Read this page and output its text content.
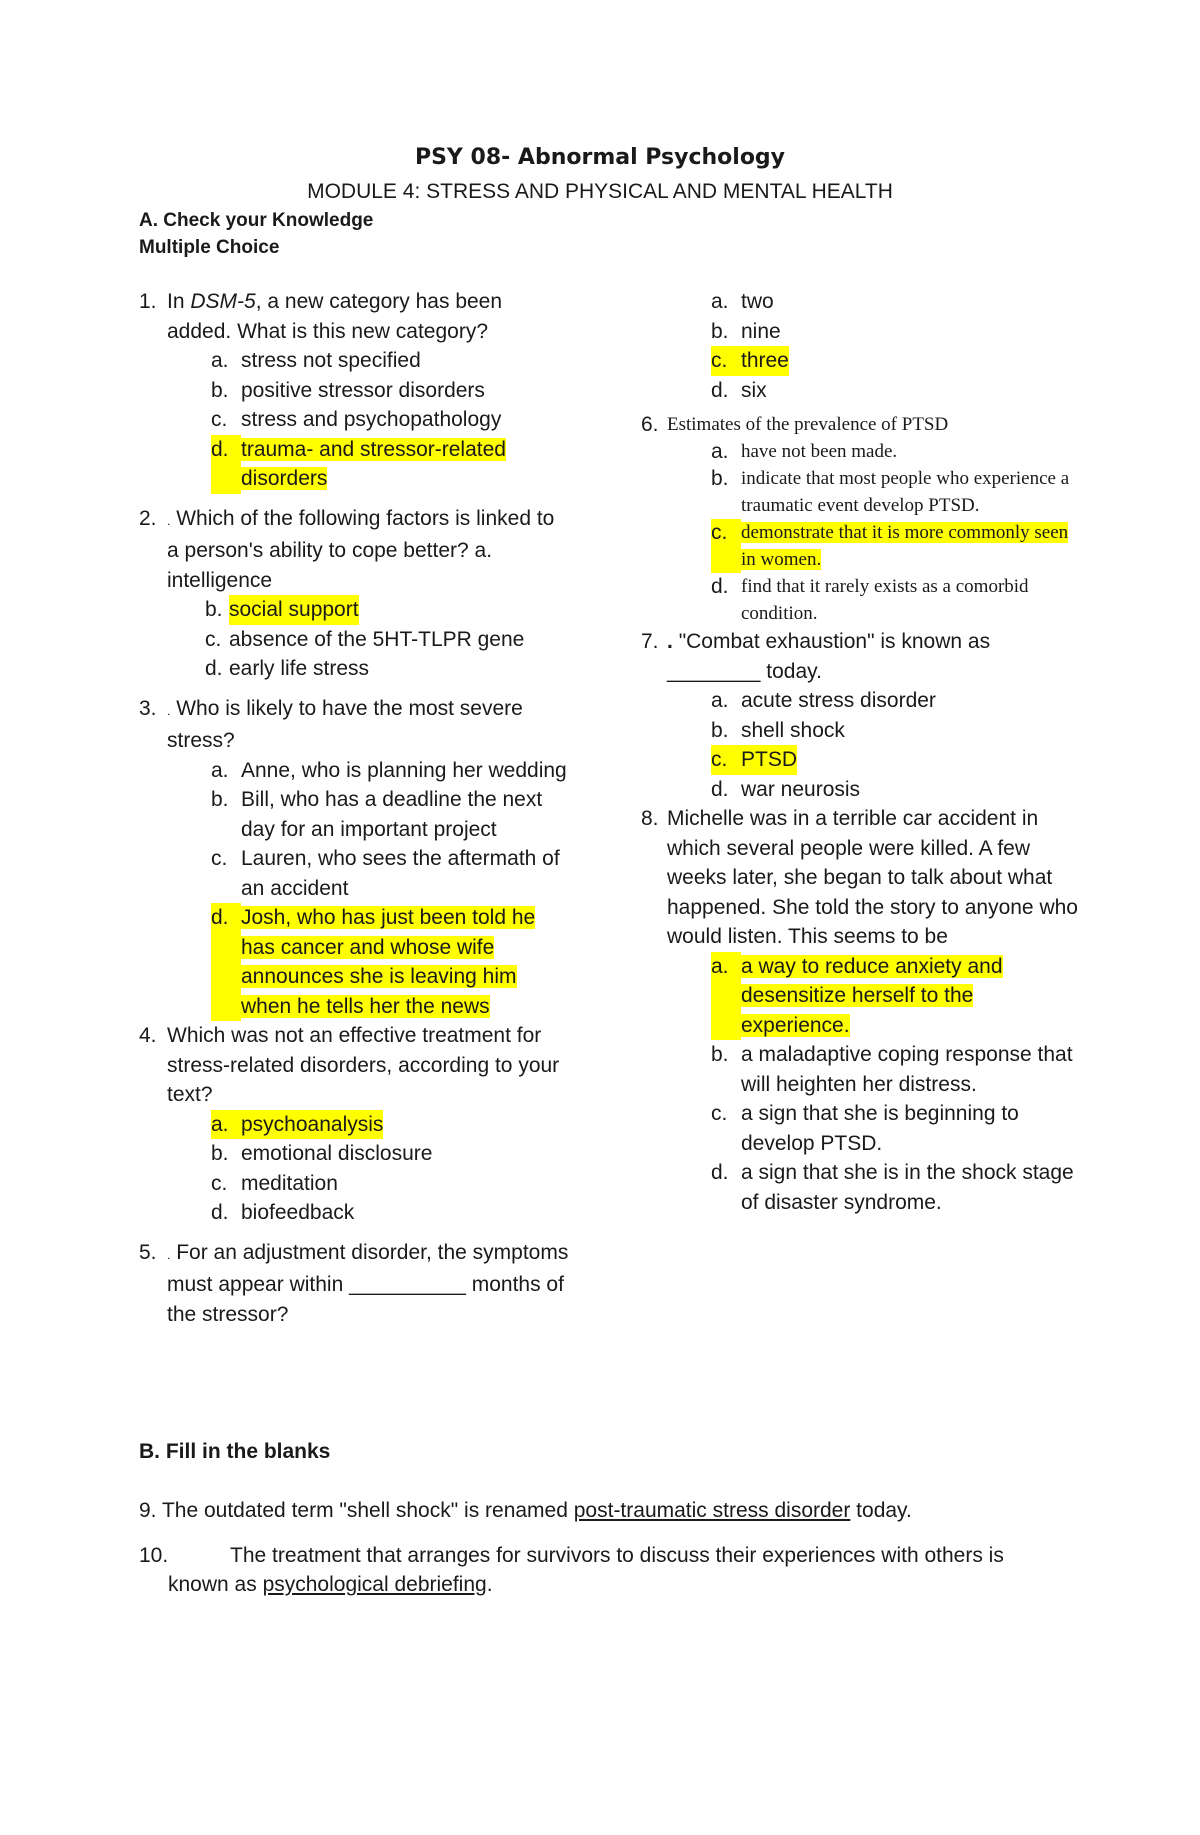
PSY 08- Abnormal Psychology
MODULE 4: STRESS AND PHYSICAL AND MENTAL HEALTH
A. Check your Knowledge
Multiple Choice
1. In DSM-5, a new category has been added. What is this new category?
a. stress not specified
b. positive stressor disorders
c. stress and psychopathology
d. trauma- and stressor-related disorders
2. . Which of the following factors is linked to a person's ability to cope better? a. intelligence
b. social support
c. absence of the 5HT-TLPR gene
d. early life stress
3. . Who is likely to have the most severe stress?
a. Anne, who is planning her wedding
b. Bill, who has a deadline the next day for an important project
c. Lauren, who sees the aftermath of an accident
d. Josh, who has just been told he has cancer and whose wife announces she is leaving him when he tells her the news
4. Which was not an effective treatment for stress-related disorders, according to your text?
a. psychoanalysis
b. emotional disclosure
c. meditation
d. biofeedback
5. . For an adjustment disorder, the symptoms must appear within __________ months of the stressor?
a. two
b. nine
c. three
d. six
6. Estimates of the prevalence of PTSD
a. have not been made.
b. indicate that most people who experience a traumatic event develop PTSD.
c. demonstrate that it is more commonly seen in women.
d. find that it rarely exists as a comorbid condition.
7. . "Combat exhaustion" is known as ________ today.
a. acute stress disorder
b. shell shock
c. PTSD
d. war neurosis
8. Michelle was in a terrible car accident in which several people were killed. A few weeks later, she began to talk about what happened. She told the story to anyone who would listen. This seems to be
a. a way to reduce anxiety and desensitize herself to the experience.
b. a maladaptive coping response that will heighten her distress.
c. a sign that she is beginning to develop PTSD.
d. a sign that she is in the shock stage of disaster syndrome.
B. Fill in the blanks
9. The outdated term "shell shock" is renamed post-traumatic stress disorder today.
10.	The treatment that arranges for survivors to discuss their experiences with others is known as psychological debriefing.
